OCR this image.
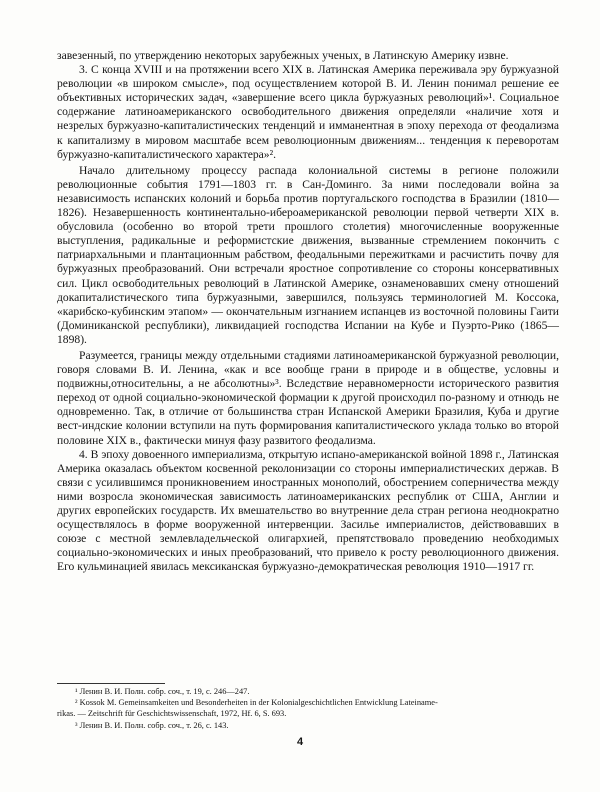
завезенный, по утверждению некоторых зарубежных ученых, в Латинскую Америку извне.

3. С конца XVIII и на протяжении всего XIX в. Латинская Америка переживала эру буржуазной революции «в широком смысле», под осуществлением которой В. И. Ленин понимал решение ее объективных исторических задач, «завершение всего цикла буржуазных революций»¹. Социальное содержание латиноамериканского освободительного движения определяли «наличие хотя и незрелых буржуазно-капиталистических тенденций и имманентная в эпоху перехода от феодализма к капитализму в мировом масштабе всем революционным движениям... тенденция к переворотам буржуазно-капиталистического характера»².

Начало длительному процессу распада колониальной системы в регионе положили революционные события 1791—1803 гг. в Сан-Доминго. За ними последовали война за независимость испанских колоний и борьба против португальского господства в Бразилии (1810—1826). Незавершенность континентально-ибероамериканской революции первой четверти XIX в. обусловила (особенно во второй трети прошлого столетия) многочисленные вооруженные выступления, радикальные и реформистские движения, вызванные стремлением покончить с патриархальными и плантационным рабством, феодальными пережитками и расчистить почву для буржуазных преобразований. Они встречали яростное сопротивление со стороны консервативных сил. Цикл освободительных революций в Латинской Америке, ознаменовавших смену отношений докапиталистического типа буржуазными, завершился, пользуясь терминологией М. Коссока, «карибско-кубинским этапом» — окончательным изгнанием испанцев из восточной половины Гаити (Доминиканской республики), ликвидацией господства Испании на Кубе и Пуэрто-Рико (1865—1898).

Разумеется, границы между отдельными стадиями латиноамериканской буржуазной революции, говоря словами В. И. Ленина, «как и все вообще грани в природе и в обществе, условны и подвижны,относительны, а не абсолютны»³. Вследствие неравномерности исторического развития переход от одной социально-экономической формации к другой происходил по-разному и отнюдь не одновременно. Так, в отличие от большинства стран Испанской Америки Бразилия, Куба и другие вест-индские колонии вступили на путь формирования капиталистического уклада только во второй половине XIX в., фактически минуя фазу развитого феодализма.

4. В эпоху довоенного империализма, открытую испано-американской войной 1898 г., Латинская Америка оказалась объектом косвенной реколонизации со стороны империалистических держав. В связи с усилившимся проникновением иностранных монополий, обострением соперничества между ними возросла экономическая зависимость латиноамериканских республик от США, Англии и других европейских государств. Их вмешательство во внутренние дела стран региона неоднократно осуществлялось в форме вооруженной интервенции. Засилье империалистов, действовавших в союзе с местной землевладельческой олигархией, препятствовало проведению необходимых социально-экономических и иных преобразований, что привело к росту революционного движения. Его кульминацией явилась мексиканская буржуазно-демократическая революция 1910—1917 гг.

¹ Ленин В. И. Полн. собр. соч., т. 19, с. 246—247.
² Kossok M. Gemeinsamkeiten und Besonderheiten in der Kolonialgeschichtlichen Entwicklung Lateiname-
rikas. — Zeitschrift für Geschichtswissenschaft, 1972, Hf. 6, S. 693.
³ Ленин В. И. Полн. собр. соч., т. 26, с. 143.
4
